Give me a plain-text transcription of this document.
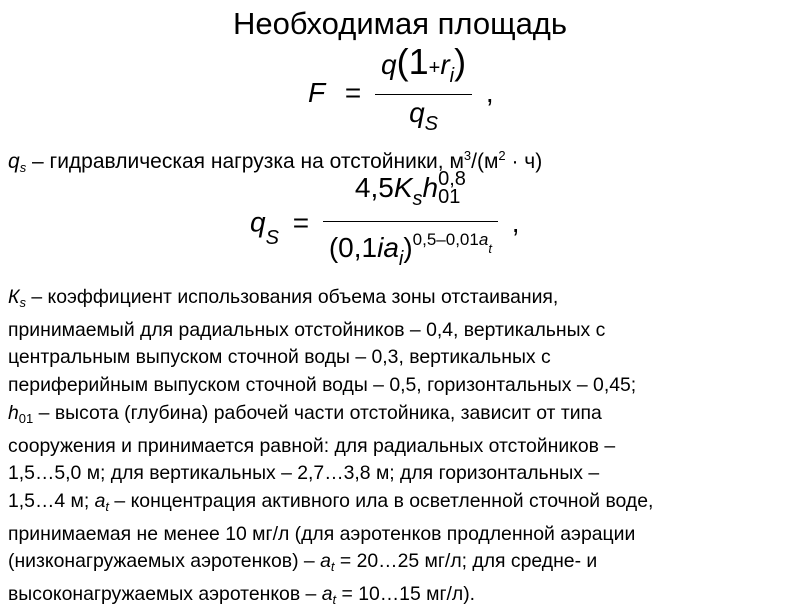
Необходимая площадь
$F = \frac{q(1+r_i)}{q_S}$ ,
qs – гидравлическая нагрузка на отстойники, $м^3/(м^2 \cdot ч)$
$q_S = 4,5K_sh$ 0,8
01
$(0,1ia_i)^{0,5-0,01a}t$ ,
$К_s$ – коэффициент использования объема зоны отстаивания,
принимаемый для радиальных отстойников – 0,4, вертикальных с
центральным выпуском сточной воды – 0,3, вертикальных с
периферийным выпуском сточной воды – 0,5, горизонтальных – 0,45;
$h_{01}$ – высота (глубина) рабочей части отстойника, зависит от типа
сооружения и принимается равной: для радиальных отстойников –
1,5…5,0 м; для вертикальных – 2,7…3,8 м; для горизонтальных –
1,5…4 м; $a_t$ – концентрация активного ила в осветленной сточной воде,
принимаемая не менее 10 мг/л (для аэротенков продленной аэрации
(низконагружаемых аэротенков) – $a_t$ = 20…25 мг/л; для средне- и
высоконагружаемых аэротенков – $a_t$ = 10…15 мг/л).
